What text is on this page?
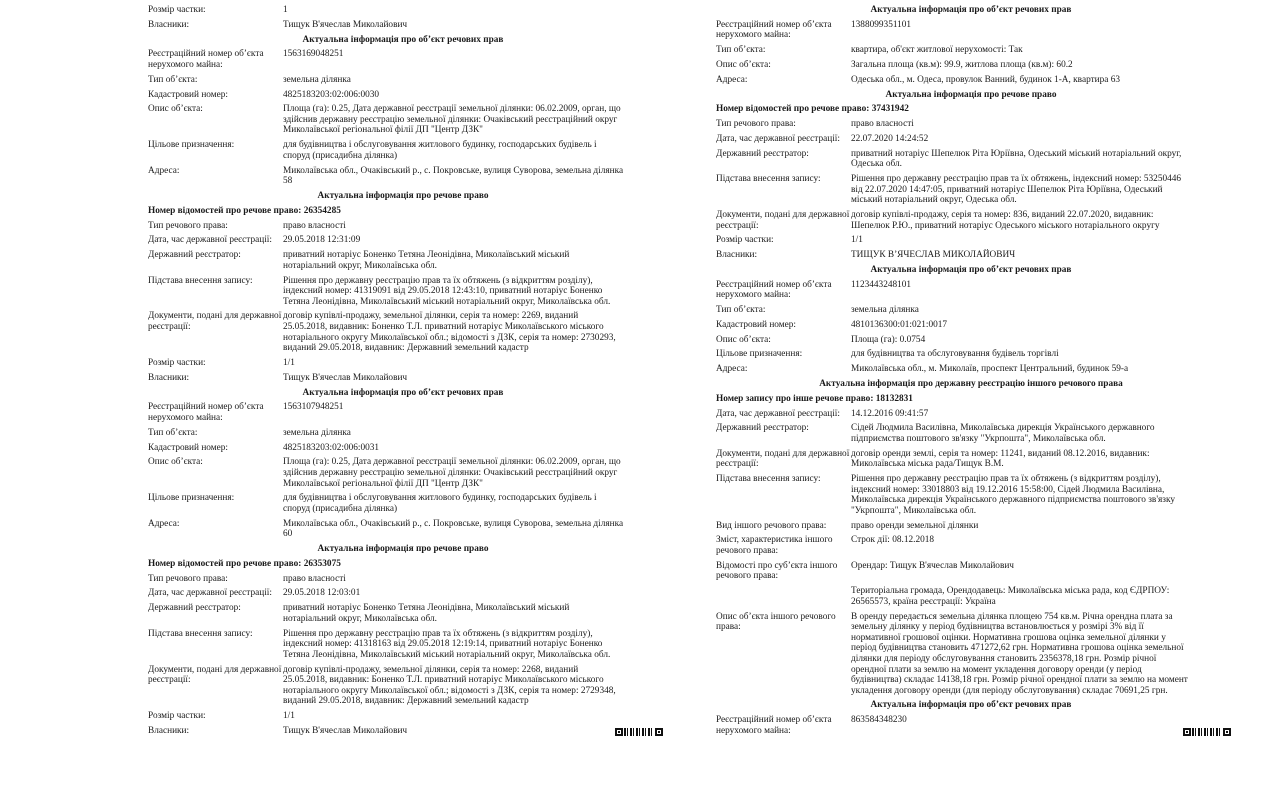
Розмір частки:	1
Власники:	Тищук В'ячеслав Миколайович
Актуальна інформація про об’єкт речових прав
Реєстраційний номер об’єкта нерухомого майна:
1563169048251
Тип об’єкта:	земельна ділянка
Кадастровий номер:	4825183203:02:006:0030
Опис об’єкта:	Площа (га): 0.25, Дата державної реєстрації земельної ділянки: 06.02.2009, орган, що здійснив державну реєстрацію земельної ділянки: Очаківський реєстраційний округ Миколаївської регіональної філії ДП "Центр ДЗК"
Цільове призначення:	для будівництва і обслуговування житлового будинку, господарських будівель і споруд (присадибна ділянка)
Адреса:	Миколаївська обл., Очаківський р., с. Покровське, вулиця Суворова, земельна ділянка 58
Актуальна інформація про речове право
Номер відомостей про речове право: 26354285
Тип речового права:	право власності
Дата, час державної реєстрації:	29.05.2018 12:31:09
Державний реєстратор:	приватний нотаріус Боненко Тетяна Леонідівна, Миколаївський міський нотаріальний округ, Миколаївська обл.
Підстава внесення запису:	Рішення про державну реєстрацію прав та їх обтяжень (з відкриттям розділу), індексний номер: 41319091 від 29.05.2018 12:43:10, приватний нотаріус Боненко Тетяна Леонідівна, Миколаївський міський нотаріальний округ, Миколаївська обл.
Документи, подані для державної реєстрації:
договір купівлі-продажу, земельної ділянки, серія та номер: 2269, виданий 25.05.2018, видавник: Боненко Т.Л. приватний нотаріус Миколаївського міського нотаріального округу Миколаївської обл.; відомості з ДЗК, серія та номер: 2730293, виданий 29.05.2018, видавник: Державний земельний кадастр
Розмір частки:	1/1
Власники:	Тищук В'ячеслав Миколайович
Актуальна інформація про об’єкт речових прав
Реєстраційний номер об’єкта нерухомого майна:
1563107948251
Тип об’єкта:	земельна ділянка
Кадастровий номер:	4825183203:02:006:0031
Опис об’єкта:	Площа (га): 0.25, Дата державної реєстрації земельної ділянки: 06.02.2009, орган, що здійснив державну реєстрацію земельної ділянки: Очаківський реєстраційний округ Миколаївської регіональної філії ДП "Центр ДЗК"
Цільове призначення:	для будівництва і обслуговування житлового будинку, господарських будівель і споруд (присадибна ділянка)
Адреса:	Миколаївська обл., Очаківський р., с. Покровське, вулиця Суворова, земельна ділянка 60
Актуальна інформація про речове право
Номер відомостей про речове право: 26353075
Тип речового права:	право власності
Дата, час державної реєстрації:	29.05.2018 12:03:01
Державний реєстратор:	приватний нотаріус Боненко Тетяна Леонідівна, Миколаївський міський нотаріальний округ, Миколаївська обл.
Підстава внесення запису:	Рішення про державну реєстрацію прав та їх обтяжень (з відкриттям розділу), індексний номер: 41318163 від 29.05.2018 12:19:14, приватний нотаріус Боненко Тетяна Леонідівна, Миколаївський міський нотаріальний округ, Миколаївська обл.
Документи, подані для державної реєстрації:
договір купівлі-продажу, земельної ділянки, серія та номер: 2268, виданий 25.05.2018, видавник: Боненко Т.Л. приватний нотаріус Миколаївського міського нотаріального округу Миколаївської обл.; відомості з ДЗК, серія та номер: 2729348, виданий 29.05.2018, видавник: Державний земельний кадастр
Розмір частки:	1/1
Власники:	Тищук В'ячеслав Миколайович
Актуальна інформація про об’єкт речових прав
Реєстраційний номер об’єкта нерухомого майна:
1388099351101
Тип об’єкта:	квартира, об'єкт житлової нерухомості: Так
Опис об’єкта:	Загальна площа (кв.м): 99.9, житлова площа (кв.м): 60.2
Адреса:	Одеська обл., м. Одеса, провулок Ванний, будинок 1-А, квартира 63
Актуальна інформація про речове право
Номер відомостей про речове право: 37431942
Тип речового права:	право власності
Дата, час державної реєстрації:	22.07.2020 14:24:52
Державний реєстратор:	приватний нотаріус Шепелюк Ріта Юріївна, Одеський міський нотаріальний округ, Одеська обл.
Підстава внесення запису:	Рішення про державну реєстрацію прав та їх обтяжень, індексний номер: 53250446 від 22.07.2020 14:47:05, приватний нотаріус Шепелюк Ріта Юріївна, Одеський міський нотаріальний округ, Одеська обл.
Документи, подані для державної реєстрації:
договір купівлі-продажу, серія та номер: 836, виданий 22.07.2020, видавник: Шепелюк Р.Ю., приватний нотаріус Одеського міського нотаріального округу
Розмір частки:	1/1
Власники:	ТИЩУК В’ЯЧЕСЛАВ МИКОЛАЙОВИЧ
Актуальна інформація про об’єкт речових прав
Реєстраційний номер об’єкта нерухомого майна:
1123443248101
Тип об’єкта:	земельна ділянка
Кадастровий номер:	4810136300:01:021:0017
Опис об’єкта:	Площа (га): 0.0754
Цільове призначення:	для будівництва та обслуговування будівель торгівлі
Адреса:	Миколаївська обл., м. Миколаїв, проспект Центральний, будинок 59-а
Актуальна інформація про державну реєстрацію іншого речового права
Номер запису про інше речове право: 18132831
Дата, час державної реєстрації:	14.12.2016 09:41:57
Державний реєстратор:	Сідей Людмила Василівна, Миколаївська дирекція Українського державного підприємства поштового зв'язку "Укрпошта", Миколаївська обл.
Документи, подані для державної реєстрації:
договір оренди землі, серія та номер: 11241, виданий 08.12.2016, видавник: Миколаївська міська рада/Тищук В.М.
Підстава внесення запису:	Рішення про державну реєстрацію прав та їх обтяжень (з відкриттям розділу), індексний номер: 33018803 від 19.12.2016 15:58:00, Сідей Людмила Василівна, Миколаївська дирекція Українського державного підприємства поштового зв'язку "Укрпошта", Миколаївська обл.
Вид іншого речового права:	право оренди земельної ділянки
Зміст, характеристика іншого речового права:
Строк дії: 08.12.2018
Відомості про суб’єкта іншого речового права:
Орендар: Тищук В'ячеслав Миколайович
Територіальна громада, Орендодавець: Миколаївська міська рада, код ЄДРПОУ: 26565573, країна реєстрації: Україна
Опис об’єкта іншого речового права:
В оренду передається земельна ділянка площею 754 кв.м. Річна орендна плата за земельну ділянку у період будівництва встановлюється у розмірі 3% від її нормативної грошової оцінки. Нормативна грошова оцінка земельної ділянки у період будівництва становить 471272,62 грн. Нормативна грошова оцінка земельної ділянки для періоду обслуговування становить 2356378,18 грн. Розмір річної орендної плати за землю на момент укладення договору оренди (у період будівництва) складає 14138,18 грн. Розмір річної орендної плати за землю на момент укладення договору оренди (для періоду обслуговування) складає 70691,25 грн.
Актуальна інформація про об’єкт речових прав
Реєстраційний номер об’єкта нерухомого майна:
863584348230
